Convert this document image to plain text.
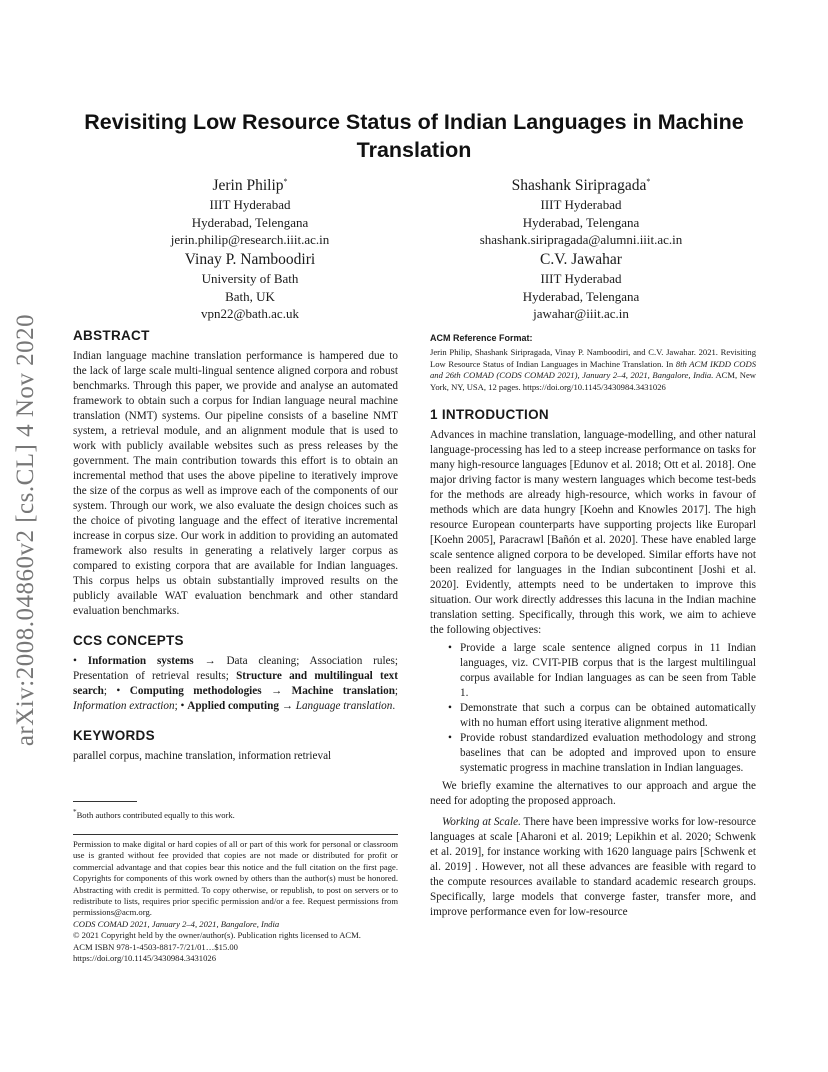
arXiv:2008.04860v2 [cs.CL] 4 Nov 2020
Revisiting Low Resource Status of Indian Languages in Machine Translation
Jerin Philip*
IIIT Hyderabad
Hyderabad, Telengana
jerin.philip@research.iiit.ac.in
Shashank Siripragada*
IIIT Hyderabad
Hyderabad, Telengana
shashank.siripragada@alumni.iiit.ac.in
Vinay P. Namboodiri
University of Bath
Bath, UK
vpn22@bath.ac.uk
C.V. Jawahar
IIIT Hyderabad
Hyderabad, Telengana
jawahar@iiit.ac.in
ABSTRACT
Indian language machine translation performance is hampered due to the lack of large scale multi-lingual sentence aligned corpora and robust benchmarks. Through this paper, we provide and analyse an automated framework to obtain such a corpus for Indian language neural machine translation (NMT) systems. Our pipeline consists of a baseline NMT system, a retrieval module, and an alignment module that is used to work with publicly available websites such as press releases by the government. The main contribution towards this effort is to obtain an incremental method that uses the above pipeline to iteratively improve the size of the corpus as well as improve each of the components of our system. Through our work, we also evaluate the design choices such as the choice of pivoting language and the effect of iterative incremental increase in corpus size. Our work in addition to providing an automated framework also results in generating a relatively larger corpus as compared to existing corpora that are available for Indian languages. This corpus helps us obtain substantially improved results on the publicly available WAT evaluation benchmark and other standard evaluation benchmarks.
CCS CONCEPTS
• Information systems → Data cleaning; Association rules; Presentation of retrieval results; Structure and multilingual text search; • Computing methodologies → Machine translation; Information extraction; • Applied computing → Language translation.
KEYWORDS
parallel corpus, machine translation, information retrieval
*Both authors contributed equally to this work.
Permission to make digital or hard copies of all or part of this work for personal or classroom use is granted without fee provided that copies are not made or distributed for profit or commercial advantage and that copies bear this notice and the full citation on the first page. Copyrights for components of this work owned by others than the author(s) must be honored. Abstracting with credit is permitted. To copy otherwise, or republish, to post on servers or to redistribute to lists, requires prior specific permission and/or a fee. Request permissions from permissions@acm.org.
CODS COMAD 2021, January 2–4, 2021, Bangalore, India
© 2021 Copyright held by the owner/author(s). Publication rights licensed to ACM.
ACM ISBN 978-1-4503-8817-7/21/01…$15.00
https://doi.org/10.1145/3430984.3431026
ACM Reference Format:
Jerin Philip, Shashank Siripragada, Vinay P. Namboodiri, and C.V. Jawahar. 2021. Revisiting Low Resource Status of Indian Languages in Machine Translation. In 8th ACM IKDD CODS and 26th COMAD (CODS COMAD 2021), January 2–4, 2021, Bangalore, India. ACM, New York, NY, USA, 12 pages. https://doi.org/10.1145/3430984.3431026
1 INTRODUCTION
Advances in machine translation, language-modelling, and other natural language-processing has led to a steep increase performance on tasks for many high-resource languages [Edunov et al. 2018; Ott et al. 2018]. One major driving factor is many western languages which become test-beds for the methods are already high-resource, which works in favour of methods which are data hungry [Koehn and Knowles 2017]. The high resource European counterparts have supporting projects like Europarl [Koehn 2005], Paracrawl [Bañón et al. 2020]. These have enabled large scale sentence aligned corpora to be developed. Similar efforts have not been realized for languages in the Indian subcontinent [Joshi et al. 2020]. Evidently, attempts need to be undertaken to improve this situation. Our work directly addresses this lacuna in the Indian machine translation setting. Specifically, through this work, we aim to achieve the following objectives:
• Provide a large scale sentence aligned corpus in 11 Indian languages, viz. CVIT-PIB corpus that is the largest multilingual corpus available for Indian languages as can be seen from Table 1.
• Demonstrate that such a corpus can be obtained automatically with no human effort using iterative alignment method.
• Provide robust standardized evaluation methodology and strong baselines that can be adopted and improved upon to ensure systematic progress in machine translation in Indian languages.
We briefly examine the alternatives to our approach and argue the need for adopting the proposed approach.
Working at Scale. There have been impressive works for low-resource languages at scale [Aharoni et al. 2019; Lepikhin et al. 2020; Schwenk et al. 2019], for instance working with 1620 language pairs [Schwenk et al. 2019] . However, not all these advances are feasible with regard to the compute resources available to standard academic research groups. Specifically, large models that converge faster, transfer more, and improve performance even for low-resource
